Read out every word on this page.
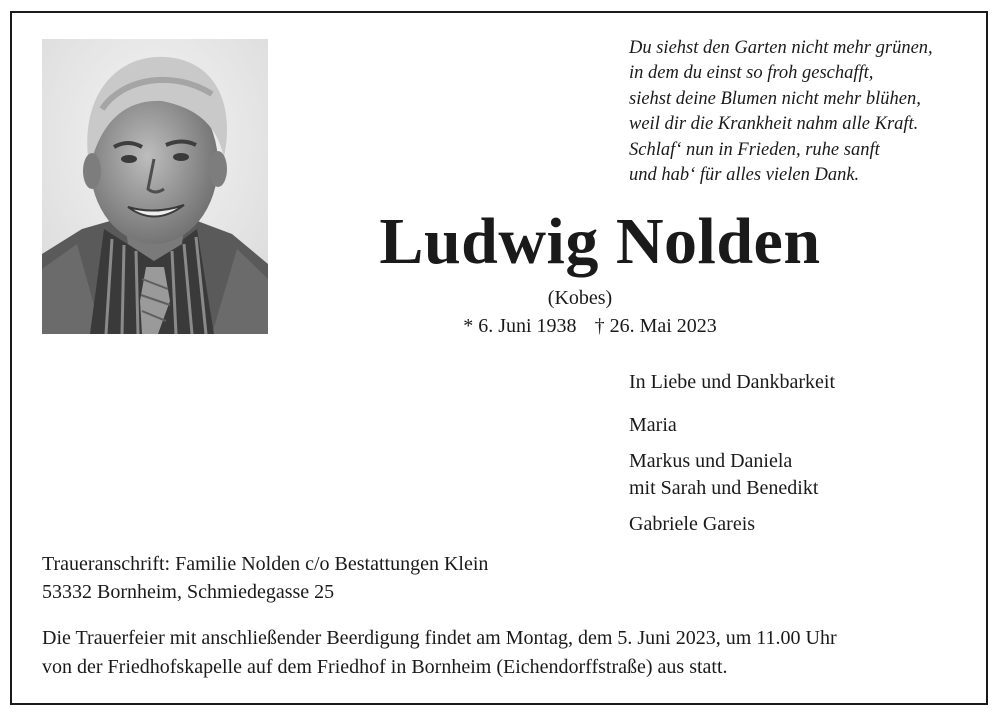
Du siehst den Garten nicht mehr grünen,
in dem du einst so froh geschafft,
siehst deine Blumen nicht mehr blühen,
weil dir die Krankheit nahm alle Kraft.
Schlaf‘ nun in Frieden, ruhe sanft
und hab‘ für alles vielen Dank.
Ludwig Nolden
(Kobes)
* 6. Juni 1938 † 26. Mai 2023
In Liebe und Dankbarkeit
Maria
Markus und Daniela
mit Sarah und Benedikt
Gabriele Gareis
Traueranschrift: Familie Nolden c/o Bestattungen Klein
53332 Bornheim, Schmiedegasse 25
Die Trauerfeier mit anschließender Beerdigung findet am Montag, dem 5. Juni 2023, um 11.00 Uhr
von der Friedhofskapelle auf dem Friedhof in Bornheim (Eichendorffstraße) aus statt.
